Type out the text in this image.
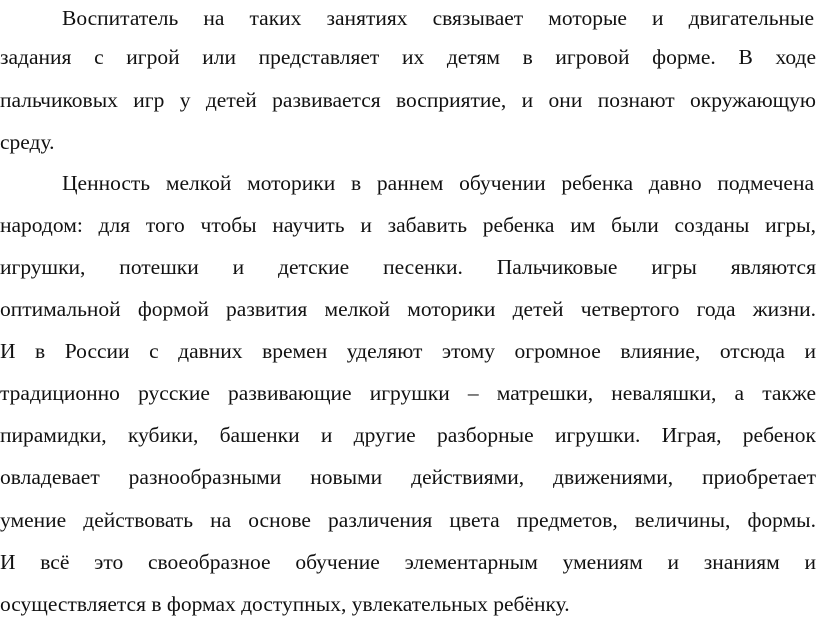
Воспитатель на таких занятиях связывает моторые и двигательные
задания с игрой или представляет их детям в игровой форме. В ходе
пальчиковых игр у детей развивается восприятие, и они познают окружающую
среду.
Ценность мелкой моторики в раннем обучении ребенка давно подмечена
народом: для того чтобы научить и забавить ребенка им были созданы игры,
игрушки, потешки и детские песенки. Пальчиковые игры являются
оптимальной формой развития мелкой моторики детей четвертого года жизни.
И в России с давних времен уделяют этому огромное влияние, отсюда и
традиционно русские развивающие игрушки – матрешки, неваляшки, а также
пирамидки, кубики, башенки и другие разборные игрушки. Играя, ребенок
овладевает разнообразными новыми действиями, движениями, приобретает
умение действовать на основе различения цвета предметов, величины, формы.
И всё это своеобразное обучение элементарным умениям и знаниям и
осуществляется в формах доступных, увлекательных ребёнку.
